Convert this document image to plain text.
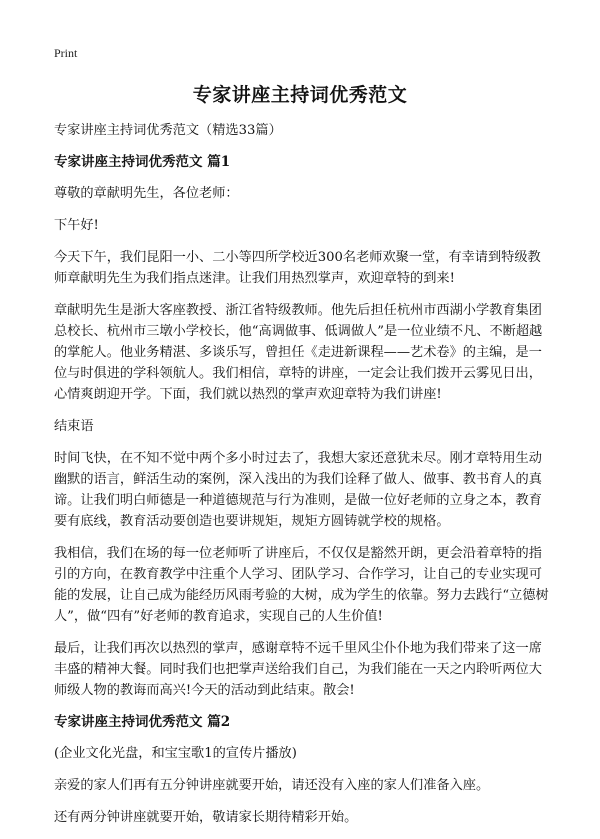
Print
专家讲座主持词优秀范文

专家讲座主持词优秀范文（精选33篇）

专家讲座主持词优秀范文 篇1

尊敬的章献明先生，各位老师：

下午好!

今天下午，我们昆阳一小、二小等四所学校近300名老师欢聚一堂，有幸请到特级教师章献明先生为我们指点迷津。让我们用热烈掌声，欢迎章特的到来!

章献明先生是浙大客座教授、浙江省特级教师。他先后担任杭州市西湖小学教育集团总校长、杭州市三墩小学校长，他“高调做事、低调做人”是一位业绩不凡、不断超越的掌舵人。他业务精湛、多谈乐写，曾担任《走进新课程——艺术卷》的主编，是一位与时俱进的学科领航人。我们相信，章特的讲座，一定会让我们拨开云雾见日出，心情爽朗迎开学。下面，我们就以热烈的掌声欢迎章特为我们讲座!

结束语

时间飞快，在不知不觉中两个多小时过去了，我想大家还意犹未尽。刚才章特用生动幽默的语言，鲜活生动的案例，深入浅出的为我们诠释了做人、做事、教书育人的真谛。让我们明白师德是一种道德规范与行为准则，是做一位好老师的立身之本，教育要有底线，教育活动要创造也要讲规矩，规矩方圆铸就学校的规格。

我相信，我们在场的每一位老师听了讲座后，不仅仅是豁然开朗，更会沿着章特的指引的方向，在教育教学中注重个人学习、团队学习、合作学习，让自己的专业实现可能的发展，让自己成为能经历风雨考验的大树，成为学生的依靠。努力去践行“立德树人”，做“四有”好老师的教育追求，实现自己的人生价值!

最后，让我们再次以热烈的掌声，感谢章特不远千里风尘仆仆地为我们带来了这一席丰盛的精神大餐。同时我们也把掌声送给我们自己，为我们能在一天之内聆听两位大师级人物的教诲而高兴!今天的活动到此结束。散会!

专家讲座主持词优秀范文 篇2

(企业文化光盘，和宝宝歌1的宣传片播放)

亲爱的家人们再有五分钟讲座就要开始，请还没有入座的家人们准备入座。

还有两分钟讲座就要开始，敬请家长期待精彩开始。
